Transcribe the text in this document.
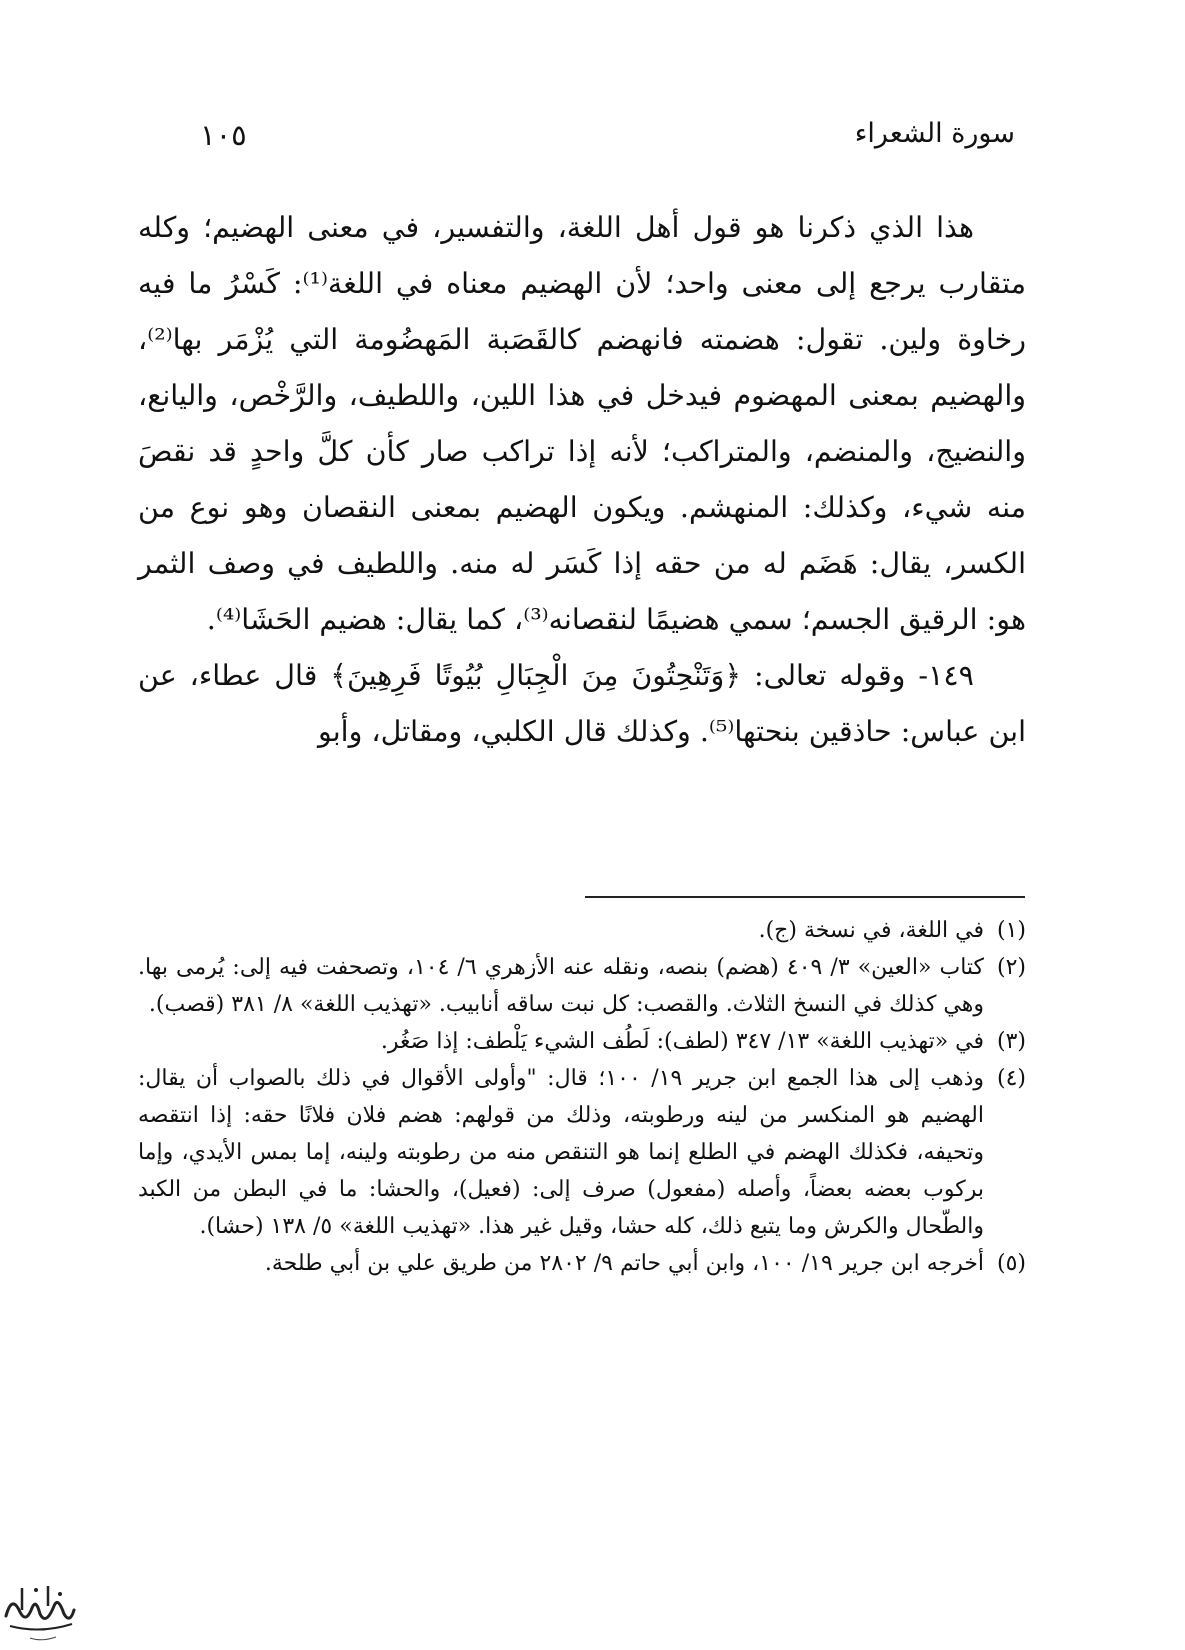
سورة الشعراء
١٠٥

هذا الذي ذكرنا هو قول أهل اللغة، والتفسير، في معنى الهضيم؛ وكله متقارب يرجع إلى معنى واحد؛ لأن الهضيم معناه في اللغة⁽¹⁾: كَسْرُ ما فيه رخاوة ولين. تقول: هضمته فانهضم كالقَصَبة المَهضُومة التي يُزْمَر بها⁽²⁾، والهضيم بمعنى المهضوم فيدخل في هذا اللين، واللطيف، والرَّخْص، واليانع، والنضيج، والمنضم، والمتراكب؛ لأنه إذا تراكب صار كأن كلَّ واحدٍ قد نقصَ منه شيء، وكذلك: المنهشم. ويكون الهضيم بمعنى النقصان وهو نوع من الكسر، يقال: هَضَم له من حقه إذا كَسَر له منه. واللطيف في وصف الثمر هو: الرقيق الجسم؛ سمي هضيمًا لنقصانه⁽³⁾، كما يقال: هضيم الحَشَا⁽⁴⁾.

١٤٩- وقوله تعالى: ﴿وَتَنْحِتُونَ مِنَ الْجِبَالِ بُيُوتًا فَرِهِينَ﴾ قال عطاء، عن ابن عباس: حاذقين بنحتها⁽⁵⁾. وكذلك قال الكلبي، ومقاتل، وأبو

(١)
في اللغة، في نسخة (ج).
(٢)
كتاب «العين» ٣/ ٤٠٩ (هضم) بنصه، ونقله عنه الأزهري ٦/ ١٠٤، وتصحفت فيه إلى: يُرمى بها. وهي كذلك في النسخ الثلاث. والقصب: كل نبت ساقه أنابيب. «تهذيب اللغة» ٨/ ٣٨١ (قصب).
(٣)
في «تهذيب اللغة» ١٣/ ٣٤٧ (لطف): لَطُف الشيء يَلْطف: إذا صَغُر.
(٤)
وذهب إلى هذا الجمع ابن جرير ١٩/ ١٠٠؛ قال: "وأولى الأقوال في ذلك بالصواب أن يقال: الهضيم هو المنكسر من لينه ورطوبته، وذلك من قولهم: هضم فلان فلانًا حقه: إذا انتقصه وتحيفه، فكذلك الهضم في الطلع إنما هو التنقص منه من رطوبته ولينه، إما بمس الأيدي، وإما بركوب بعضه بعضاً، وأصله (مفعول) صرف إلى: (فعيل)، والحشا: ما في البطن من الكبد والطّحال والكرش وما يتبع ذلك، كله حشا، وقيل غير هذا. «تهذيب اللغة» ٥/ ١٣٨ (حشا).
(٥)
أخرجه ابن جرير ١٩/ ١٠٠، وابن أبي حاتم ٩/ ٢٨٠٢ من طريق علي بن أبي طلحة.
